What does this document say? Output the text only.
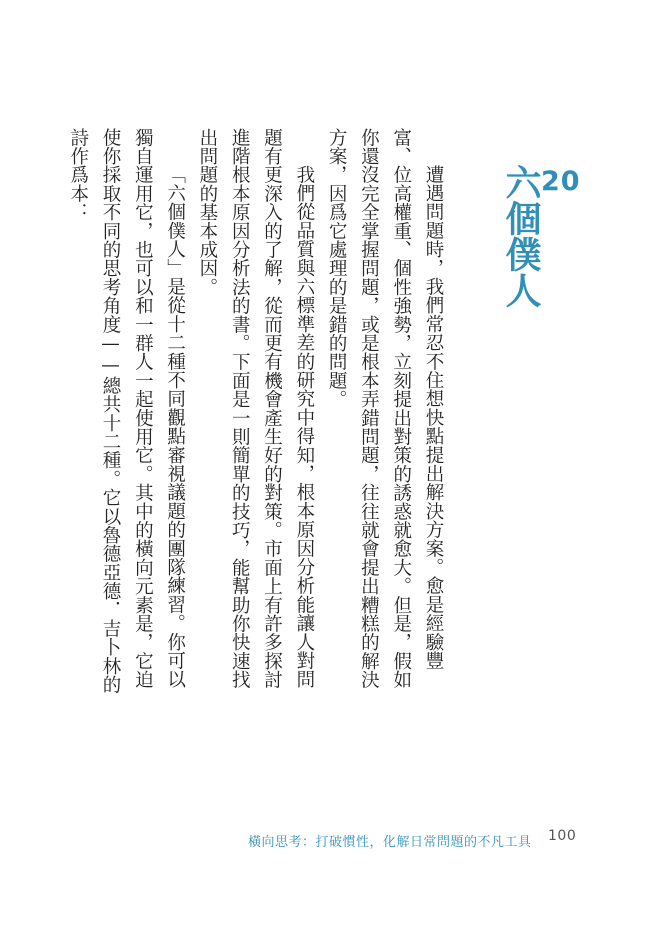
20
六個僕人

遭遇問題時，我們常忍不住想快點提出解決方案。愈是經驗豐富、位高權重、個性強勢，立刻提出對策的誘惑就愈大。但是，假如你還沒完全掌握問題，或是根本弄錯問題，往往就會提出糟糕的解決方案，因爲它處理的是錯的問題。

我們從品質與六標準差的研究中得知，根本原因分析能讓人對問題有更深入的了解，從而更有機會產生好的對策。市面上有許多探討進階根本原因分析法的書。下面是一則簡單的技巧，能幫助你快速找出問題的基本成因。

「六個僕人」是從十二種不同觀點審視議題的團隊練習。你可以獨自運用它，也可以和一群人一起使用它。其中的橫向元素是，它迫使你採取不同的思考角度——總共十二種。它以魯德亞德．吉卜林的詩作爲本：

橫向思考：打破慣性，化解日常問題的不凡工具 100
